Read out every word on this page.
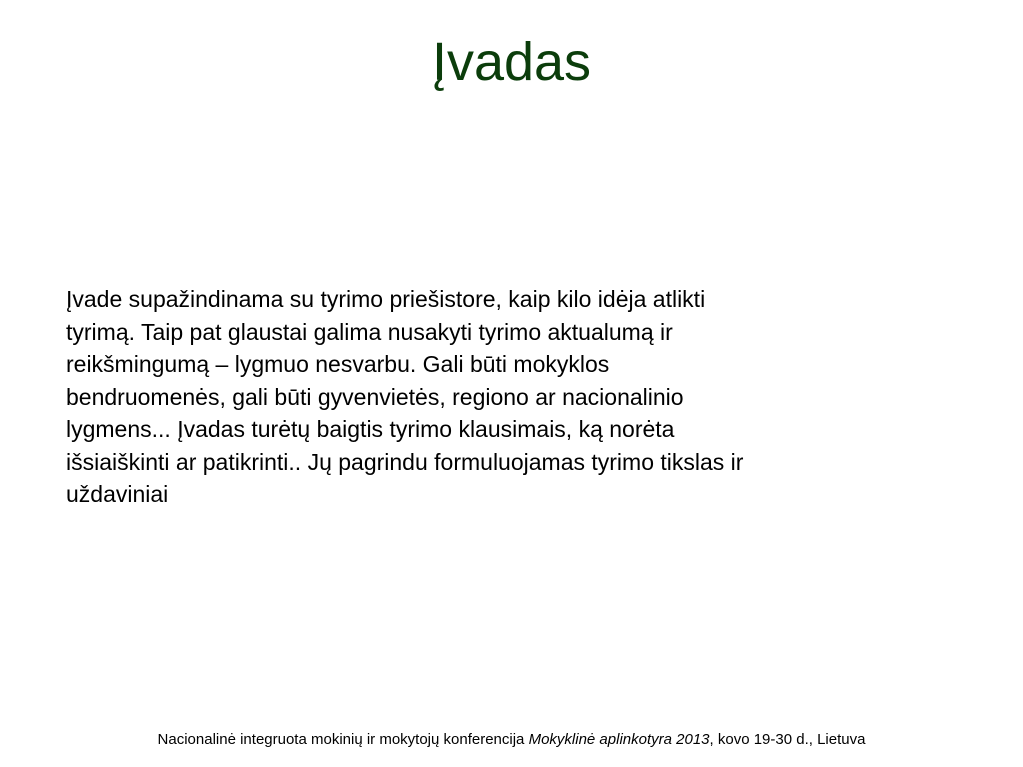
Įvadas
Įvade supažindinama su tyrimo priešistore, kaip kilo idėja atlikti
tyrimą. Taip pat glaustai galima nusakyti tyrimo aktualumą ir
reikšmingumą – lygmuo nesvarbu. Gali būti mokyklos
bendruomenės, gali būti gyvenvietės, regiono ar nacionalinio
lygmens... Įvadas turėtų baigtis tyrimo klausimais, ką norėta
išsiaiškinti ar patikrinti.. Jų pagrindu formuluojamas tyrimo tikslas ir
uždaviniai
Nacionalinė integruota mokinių ir mokytojų konferencija Mokyklinė aplinkotyra 2013, kovo 19-30 d., Lietuva
